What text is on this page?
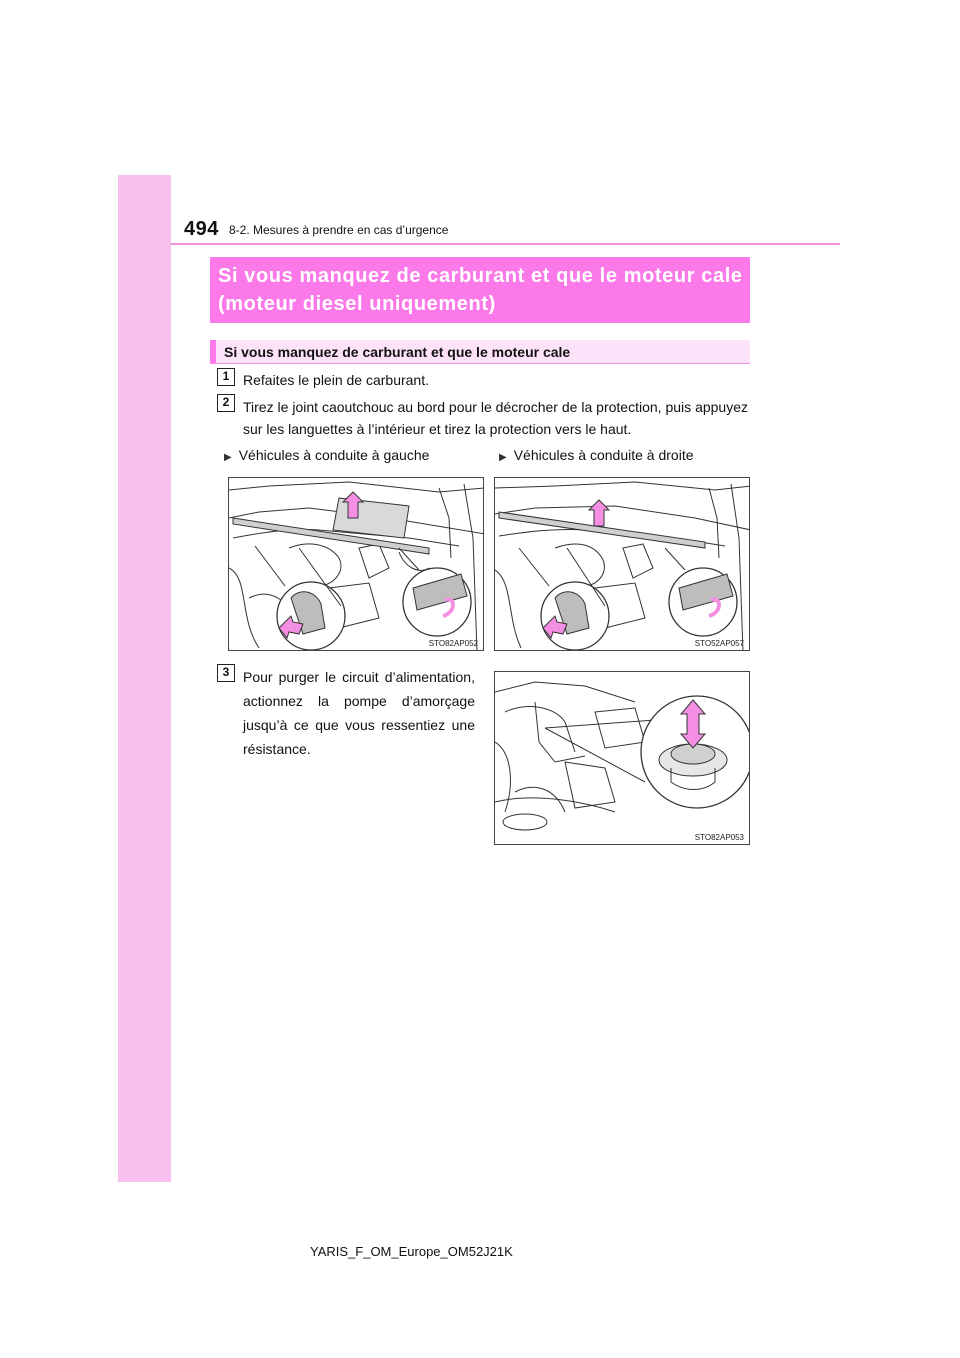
494 8-2. Mesures à prendre en cas d’urgence
Si vous manquez de carburant et que le moteur cale (moteur diesel uniquement)
Si vous manquez de carburant et que le moteur cale
1 Refaites le plein de carburant.
2 Tirez le joint caoutchouc au bord pour le décrocher de la protection, puis appuyez sur les languettes à l’intérieur et tirez la protection vers le haut.
▶ Véhicules à conduite à gauche	▶ Véhicules à conduite à droite
STO82AP052	STO52AP057
3 Pour purger le circuit d’alimentation, actionnez la pompe d’amorçage jusqu’à ce que vous ressentiez une résistance.
STO82AP053
YARIS_F_OM_Europe_OM52J21K
